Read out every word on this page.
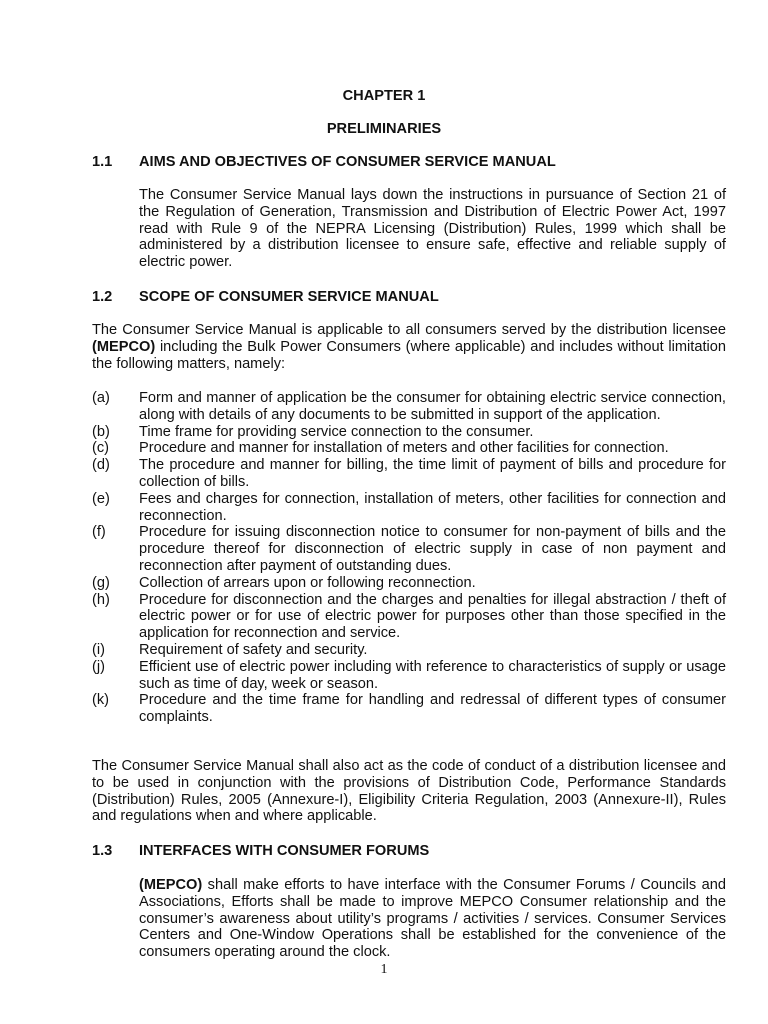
CHAPTER 1
PRELIMINARIES
1.1 AIMS AND OBJECTIVES OF CONSUMER SERVICE MANUAL
The Consumer Service Manual lays down the instructions in pursuance of Section 21 of the Regulation of Generation, Transmission and Distribution of Electric Power Act, 1997 read with Rule 9 of the NEPRA Licensing (Distribution) Rules, 1999 which shall be administered by a distribution licensee to ensure safe, effective and reliable supply of electric power.
1.2 SCOPE OF CONSUMER SERVICE MANUAL
The Consumer Service Manual is applicable to all consumers served by the distribution licensee (MEPCO) including the Bulk Power Consumers (where applicable) and includes without limitation the following matters, namely:
(a)	Form and manner of application be the consumer for obtaining electric service connection, along with details of any documents to be submitted in support of the application.
(b)	Time frame for providing service connection to the consumer.
(c)	Procedure and manner for installation of meters and other facilities for connection.
(d)	The procedure and manner for billing, the time limit of payment of bills and procedure for collection of bills.
(e)	Fees and charges for connection, installation of meters, other facilities for connection and reconnection.
(f)	Procedure for issuing disconnection notice to consumer for non-payment of bills and the procedure thereof for disconnection of electric supply in case of non payment and reconnection after payment of outstanding dues.
(g)	Collection of arrears upon or following reconnection.
(h)	Procedure for disconnection and the charges and penalties for illegal abstraction / theft of electric power or for use of electric power for purposes other than those specified in the application for reconnection and service.
(i)	Requirement of safety and security.
(j)	Efficient use of electric power including with reference to characteristics of supply or usage such as time of day, week or season.
(k)	Procedure and the time frame for handling and redressal of different types of consumer complaints.
The Consumer Service Manual shall also act as the code of conduct of a distribution licensee and to be used in conjunction with the provisions of Distribution Code, Performance Standards (Distribution) Rules, 2005 (Annexure-I), Eligibility Criteria Regulation, 2003 (Annexure-II), Rules and regulations when and where applicable.
1.3 INTERFACES WITH CONSUMER FORUMS
(MEPCO) shall make efforts to have interface with the Consumer Forums / Councils and Associations, Efforts shall be made to improve MEPCO Consumer relationship and the consumer’s awareness about utility’s programs / activities / services. Consumer Services Centers and One-Window Operations shall be established for the convenience of the consumers operating around the clock.
1
